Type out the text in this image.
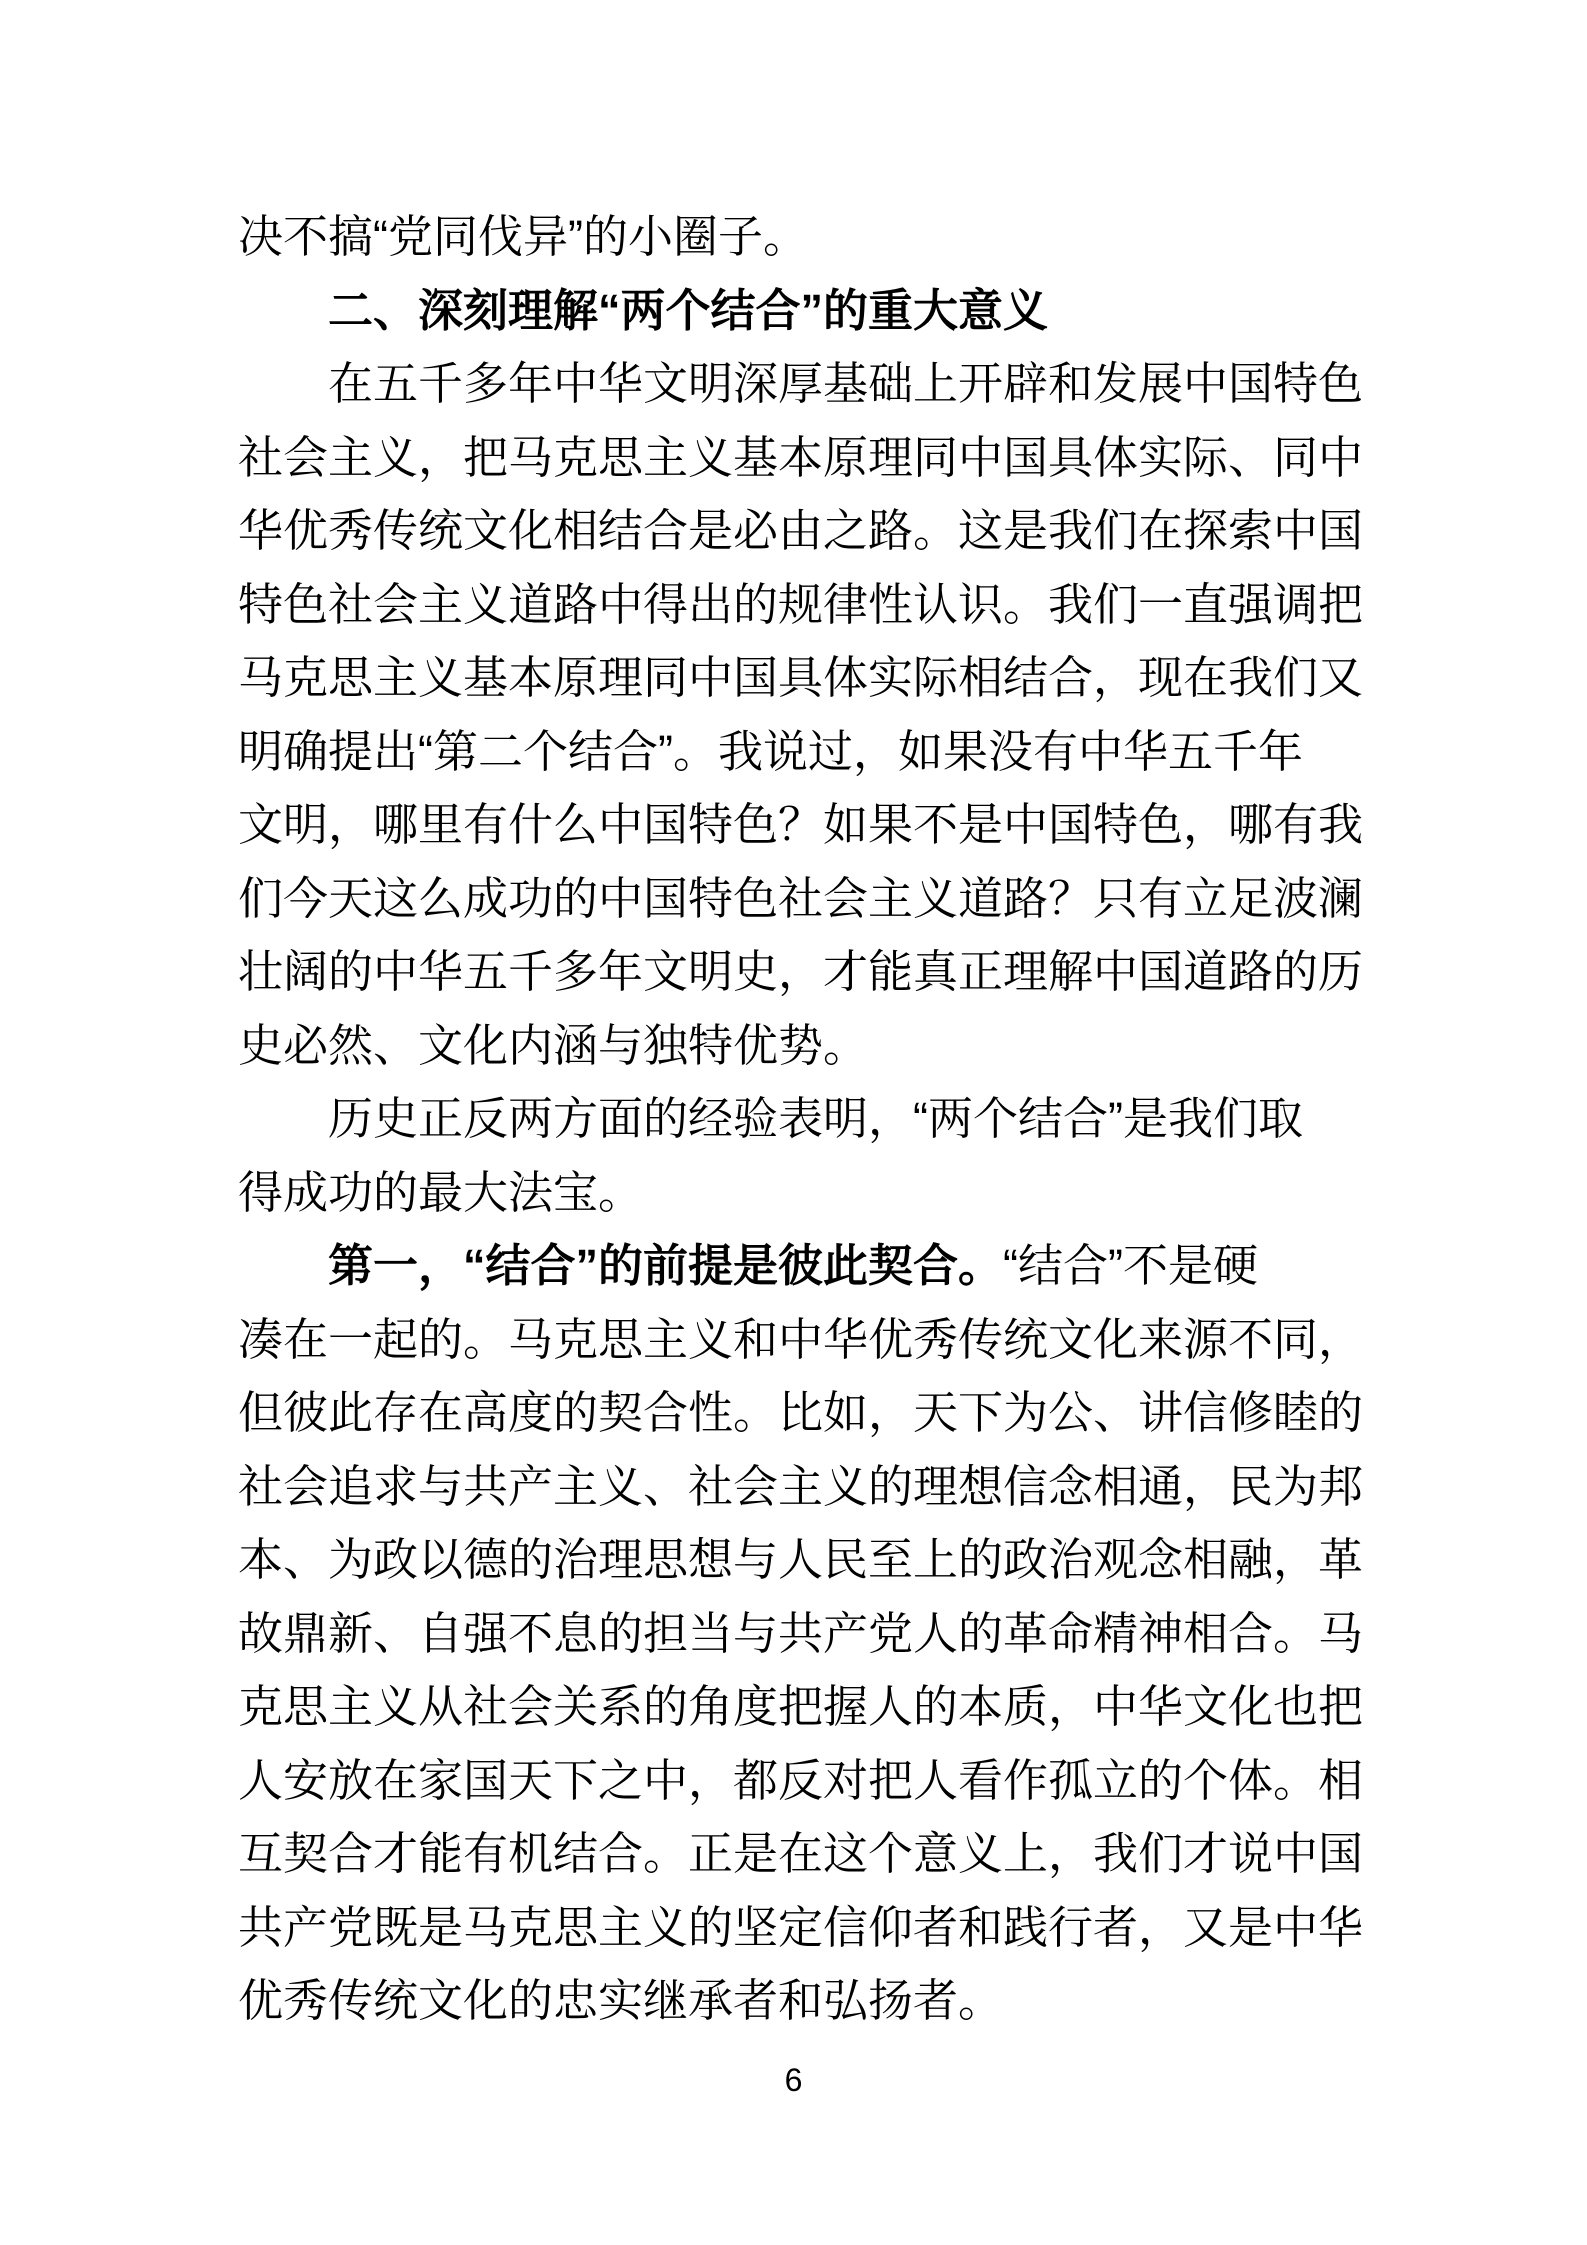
决不搞“党同伐异”的小圈子。
二、深刻理解“两个结合”的重大意义
在五千多年中华文明深厚基础上开辟和发展中国特色
社会主义，把马克思主义基本原理同中国具体实际、同中
华优秀传统文化相结合是必由之路。这是我们在探索中国
特色社会主义道路中得出的规律性认识。我们一直强调把
马克思主义基本原理同中国具体实际相结合，现在我们又
明确提出“第二个结合”。我说过，如果没有中华五千年
文明，哪里有什么中国特色？如果不是中国特色，哪有我
们今天这么成功的中国特色社会主义道路？只有立足波澜
壮阔的中华五千多年文明史，才能真正理解中国道路的历
史必然、文化内涵与独特优势。
历史正反两方面的经验表明，“两个结合”是我们取
得成功的最大法宝。
第一，“结合”的前提是彼此契合。“结合”不是硬
凑在一起的。马克思主义和中华优秀传统文化来源不同，
但彼此存在高度的契合性。比如，天下为公、讲信修睦的
社会追求与共产主义、社会主义的理想信念相通，民为邦
本、为政以德的治理思想与人民至上的政治观念相融，革
故鼎新、自强不息的担当与共产党人的革命精神相合。马
克思主义从社会关系的角度把握人的本质，中华文化也把
人安放在家国天下之中，都反对把人看作孤立的个体。相
互契合才能有机结合。正是在这个意义上，我们才说中国
共产党既是马克思主义的坚定信仰者和践行者，又是中华
优秀传统文化的忠实继承者和弘扬者。
6
